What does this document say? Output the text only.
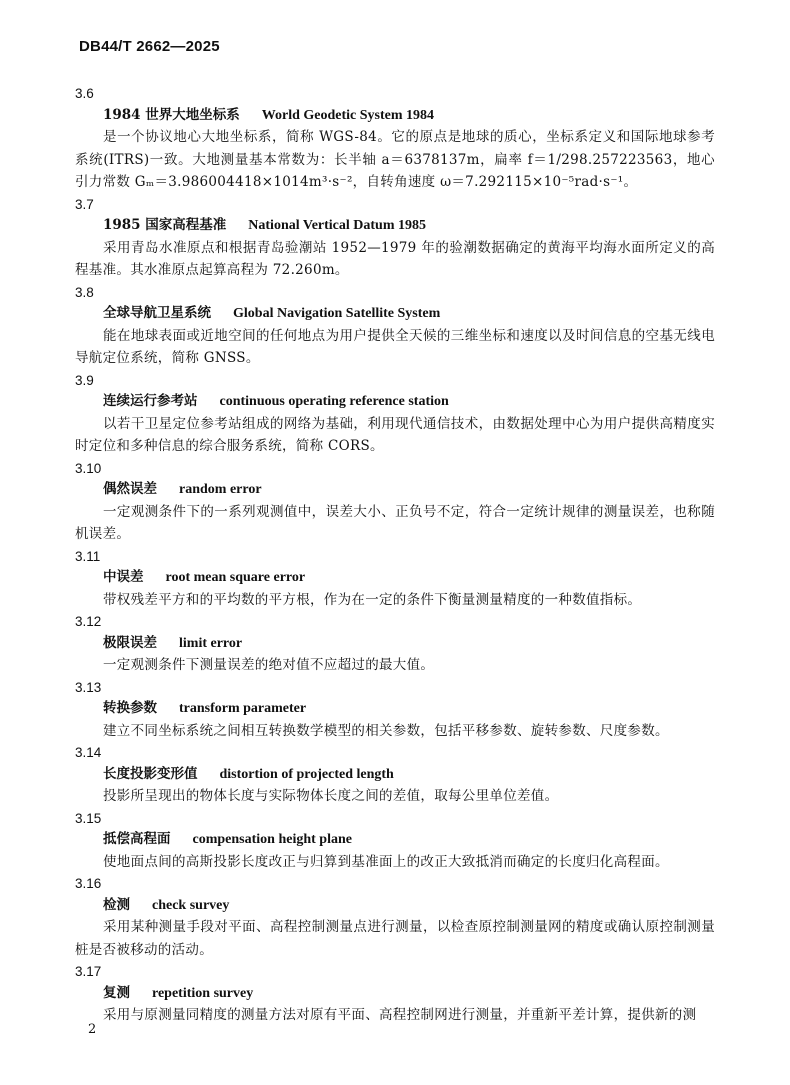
DB44/T 2662—2025
3.6
1984 世界大地坐标系 World Geodetic System 1984

是一个协议地心大地坐标系，简称 WGS-84。它的原点是地球的质心，坐标系定义和国际地球参考系统(ITRS)一致。大地测量基本常数为：长半轴 a＝6378137m，扁率 f＝1/298.257223563，地心引力常数 Gₘ＝3.986004418×1014m³·s⁻²，自转角速度 ω＝7.292115×10⁻⁵rad·s⁻¹。

3.7
1985 国家高程基准 National Vertical Datum 1985

采用青岛水准原点和根据青岛验潮站 1952—1979 年的验潮数据确定的黄海平均海水面所定义的高程基准。其水准原点起算高程为 72.260m。

3.8
全球导航卫星系统 Global Navigation Satellite System

能在地球表面或近地空间的任何地点为用户提供全天候的三维坐标和速度以及时间信息的空基无线电导航定位系统，简称 GNSS。

3.9
连续运行参考站 continuous operating reference station

以若干卫星定位参考站组成的网络为基础，利用现代通信技术，由数据处理中心为用户提供高精度实时定位和多种信息的综合服务系统，简称 CORS。

3.10
偶然误差 random error

一定观测条件下的一系列观测值中，误差大小、正负号不定，符合一定统计规律的测量误差，也称随机误差。

3.11
中误差 root mean square error

带权残差平方和的平均数的平方根，作为在一定的条件下衡量测量精度的一种数值指标。

3.12
极限误差 limit error

一定观测条件下测量误差的绝对值不应超过的最大值。

3.13
转换参数 transform parameter

建立不同坐标系统之间相互转换数学模型的相关参数，包括平移参数、旋转参数、尺度参数。

3.14
长度投影变形值 distortion of projected length

投影所呈现出的物体长度与实际物体长度之间的差值，取每公里单位差值。

3.15
抵偿高程面 compensation height plane

使地面点间的高斯投影长度改正与归算到基准面上的改正大致抵消而确定的长度归化高程面。

3.16
检测 check survey

采用某种测量手段对平面、高程控制测量点进行测量，以检查原控制测量网的精度或确认原控制测量桩是否被移动的活动。

3.17
复测 repetition survey

采用与原测量同精度的测量方法对原有平面、高程控制网进行测量，并重新平差计算，提供新的测

2
